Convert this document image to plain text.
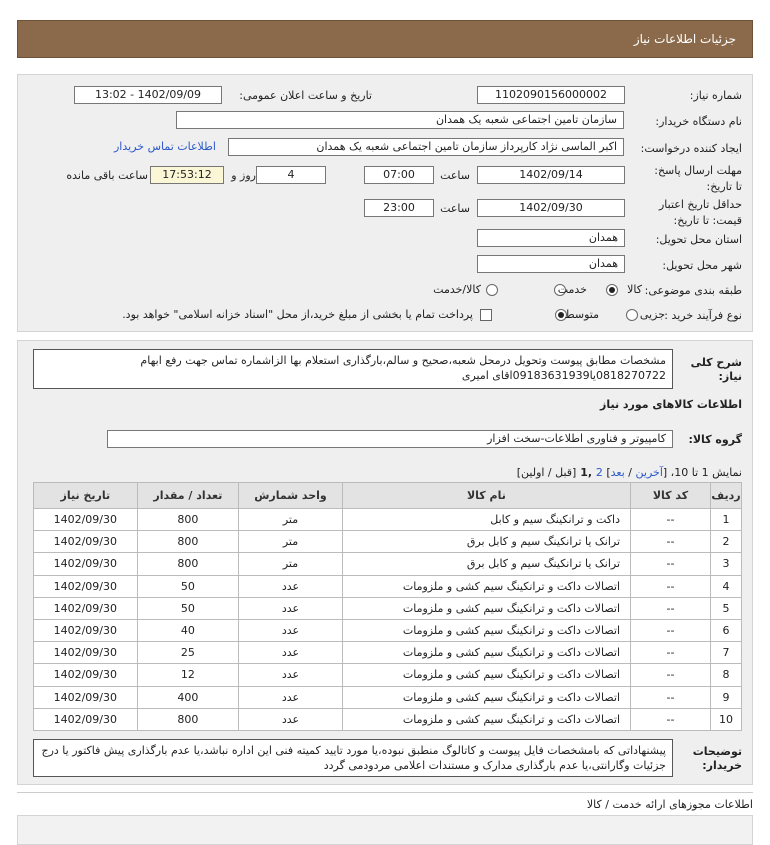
جزئیات اطلاعات نیاز
شماره نیاز:
1102090156000002
تاریخ و ساعت اعلان عمومی:
1402/09/09 - 13:02
نام دستگاه خریدار:
سازمان تامین اجتماعی شعبه یک همدان
ایجاد کننده درخواست:
اکبر الماسی نژاد کارپرداز سازمان تامین اجتماعی شعبه یک همدان
اطلاعات تماس خریدار
مهلت ارسال پاسخ: تا تاریخ:
1402/09/14
ساعت
07:00
4
روز و
17:53:12
ساعت باقی مانده
حداقل تاریخ اعتبار قیمت: تا تاریخ:
1402/09/30
ساعت
23:00
استان محل تحویل:
همدان
شهر محل تحویل:
همدان
طبقه بندی موضوعی:
کالا
خدمت
کالا/خدمت
نوع فرآیند خرید :
جزیی
متوسط
پرداخت تمام یا بخشی از مبلغ خرید،از محل "اسناد خزانه اسلامی" خواهد بود.
شرح کلی نیاز:
مشخصات مطابق پیوست وتحویل درمحل شعبه،صحیح و سالم،بارگذاری استعلام بها الزاشماره تماس جهت رفع ابهام 0818270722یا09183631939اقای امیری
اطلاعات کالاهای مورد نیاز
گروه کالا:
کامپیوتر و فناوری اطلاعات-سخت افزار
نمایش 1 تا 10، [آخرین / بعد] 2 ,1 [قبل / اولین]
ردیف	کد کالا	نام کالا	واحد شمارش	تعداد / مقدار	تاریخ نیاز
1	--	داکت و ترانکینگ سیم و کابل	متر	800	1402/09/30
2	--	ترانک یا ترانکینگ سیم و کابل برق	متر	800	1402/09/30
3	--	ترانک یا ترانکینگ سیم و کابل برق	متر	800	1402/09/30
4	--	اتصالات داکت و ترانکینگ سیم کشی و ملزومات	عدد	50	1402/09/30
5	--	اتصالات داکت و ترانکینگ سیم کشی و ملزومات	عدد	50	1402/09/30
6	--	اتصالات داکت و ترانکینگ سیم کشی و ملزومات	عدد	40	1402/09/30
7	--	اتصالات داکت و ترانکینگ سیم کشی و ملزومات	عدد	25	1402/09/30
8	--	اتصالات داکت و ترانکینگ سیم کشی و ملزومات	عدد	12	1402/09/30
9	--	اتصالات داکت و ترانکینگ سیم کشی و ملزومات	عدد	400	1402/09/30
10	--	اتصالات داکت و ترانکینگ سیم کشی و ملزومات	عدد	800	1402/09/30
توضیحات خریدار:
پیشنهاداتی که بامشخصات فایل پیوست و کاتالوگ منطبق نبوده،یا مورد تایید کمیته فنی این اداره نباشد،یا عدم بارگذاری پیش فاکتور یا درج جزئیات وگارانتی،یا عدم بارگذاری مدارک و مستندات اعلامی مردودمی گردد
اطلاعات مجوزهای ارائه خدمت / کالا
